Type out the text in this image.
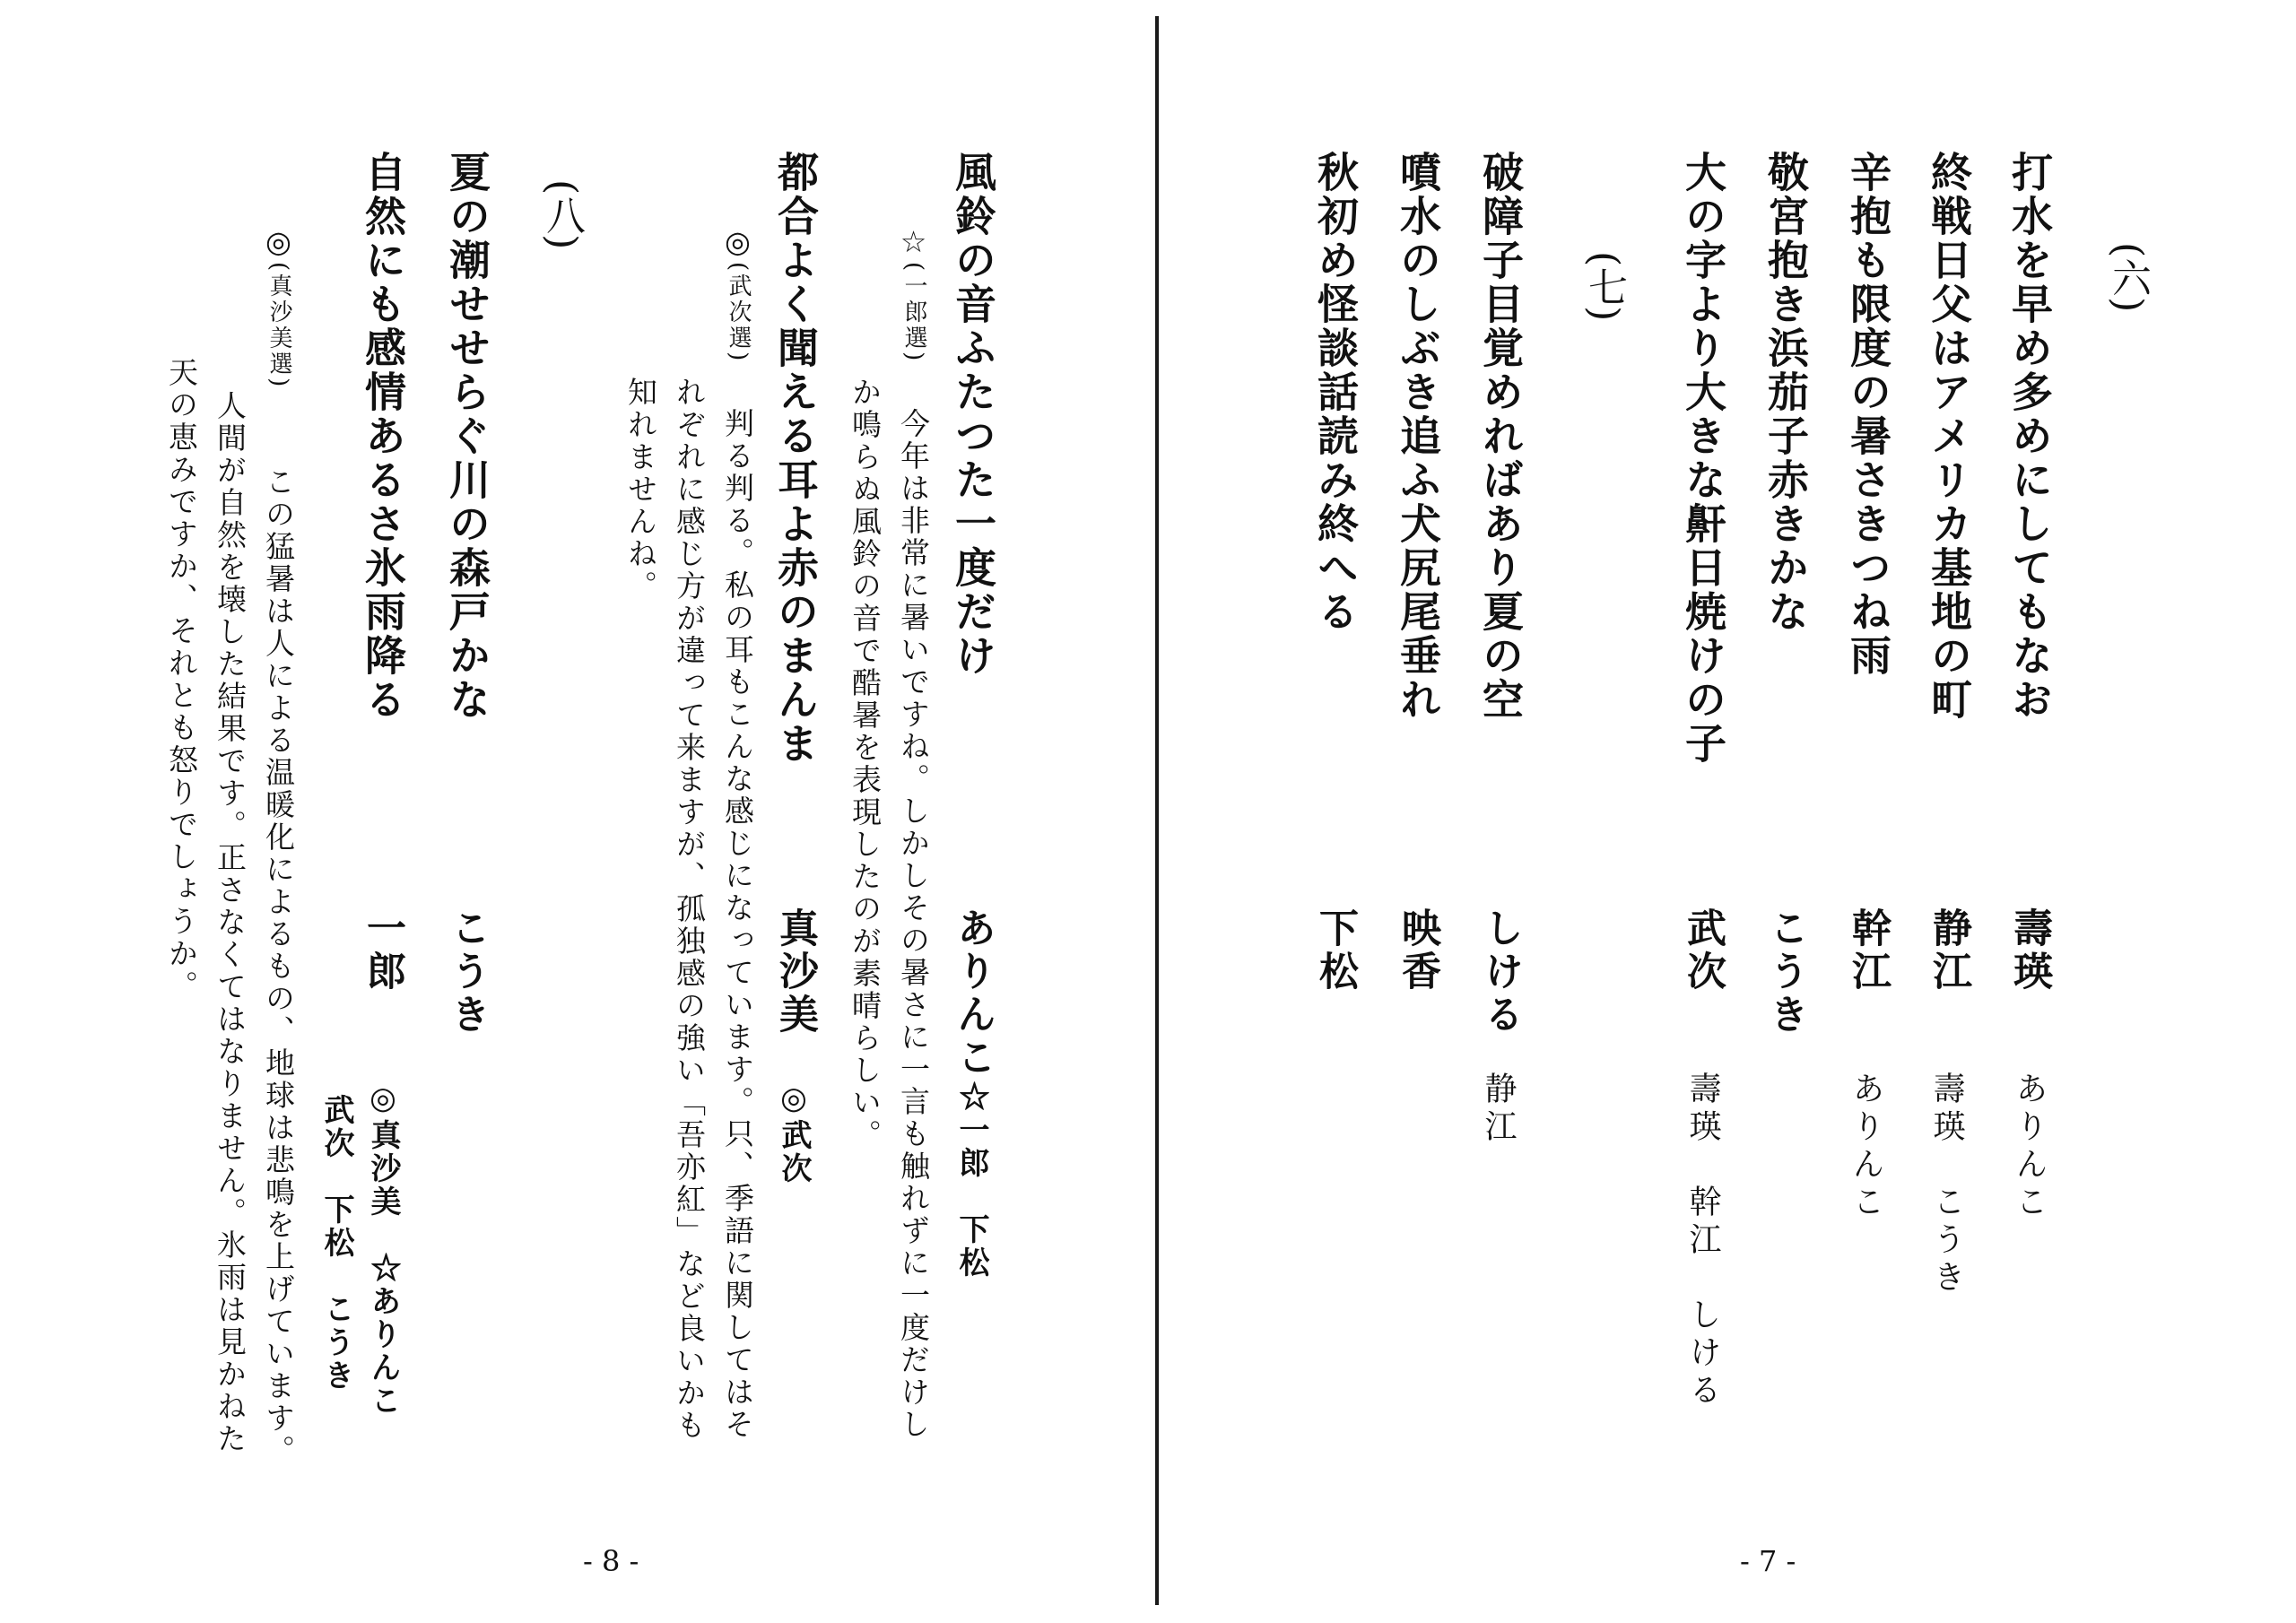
(六)
打水を早め多めにしてもなお
壽瑛
ありんこ
終戦日父はアメリカ基地の町
静江
壽瑛　こうき
辛抱も限度の暑さきつね雨
幹江
ありんこ
敬宮抱き浜茄子赤きかな
こうき
大の字より大きな鼾日焼けの子
武次
壽瑛　幹江　しける
(七)
破障子目覚めればあり夏の空
しける
静江
噴水のしぶき追ふ犬尻尾垂れ
映香
秋初め怪談話読み終へる
下松
- 7 -
風鈴の音ふたつた一度だけ
ありんこ
☆一郎　下松
☆
(一郎選)
今年は非常に暑いですね。しかしその暑さに一言も触れずに一度だけし
か鳴らぬ風鈴の音で酷暑を表現したのが素晴らしい。
都合よく聞える耳よ赤のまんま
真沙美
◎武次
◎
(武次選)
判る判る。私の耳もこんな感じになっています。只、季語に関してはそ
れぞれに感じ方が違って来ますが、孤独感の強い「吾亦紅」など良いかも
知れませんね。
(八)
夏の潮せせらぐ川の森戸かな
こうき
自然にも感情あるさ氷雨降る
一郎
◎真沙美　☆ありんこ
武次　下松　こうき
◎
(真沙美選)
この猛暑は人による温暖化によるもの、地球は悲鳴を上げています。
人間が自然を壊した結果です。正さなくてはなりません。氷雨は見かねた
天の恵みですか、それとも怒りでしょうか。
- 8 -
